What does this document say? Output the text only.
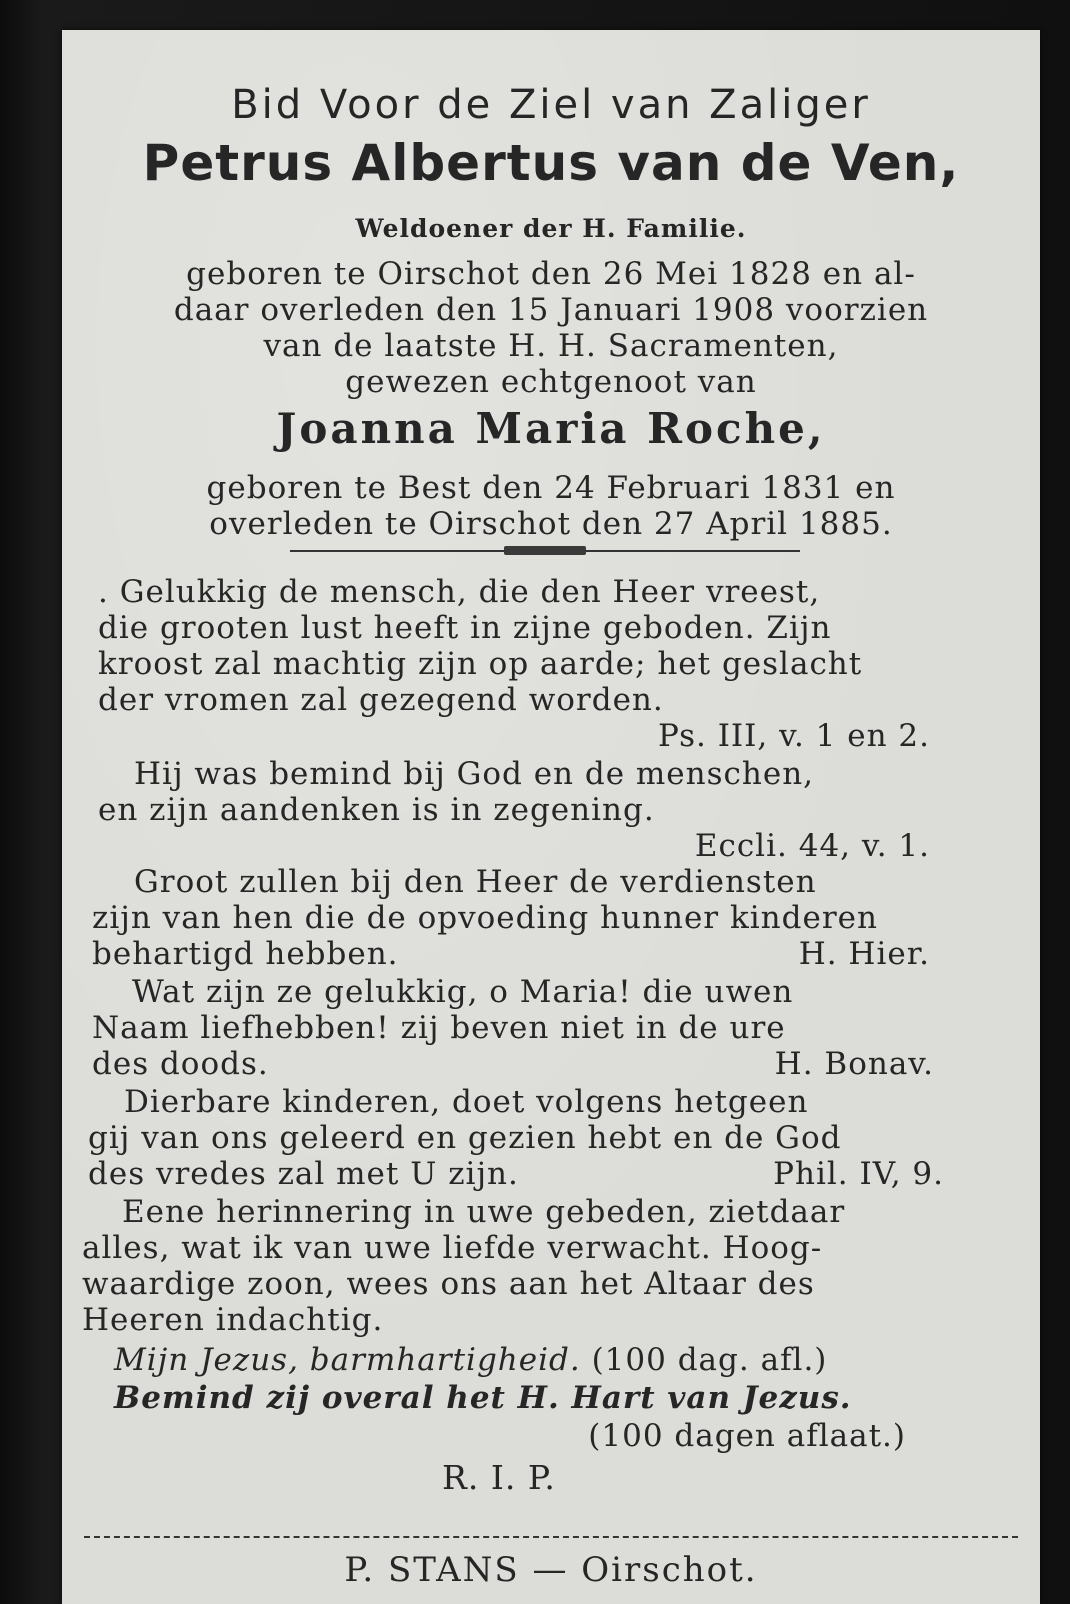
Bid Voor de Ziel van Zaliger
Petrus Albertus van de Ven,
Weldoener der H. Familie.
geboren te Oirschot den 26 Mei 1828 en al-
daar overleden den 15 Januari 1908 voorzien
van de laatste H. H. Sacramenten,
gewezen echtgenoot van
Joanna Maria Roche,
geboren te Best den 24 Februari 1831 en
overleden te Oirschot den 27 April 1885.
. Gelukkig de mensch, die den Heer vreest,
die grooten lust heeft in zijne geboden. Zijn
kroost zal machtig zijn op aarde; het geslacht
der vromen zal gezegend worden.
Ps. III, v. 1 en 2.
Hij was bemind bij God en de menschen,
en zijn aandenken is in zegening.
Eccli. 44, v. 1.
Groot zullen bij den Heer de verdiensten
zijn van hen die de opvoeding hunner kinderen
behartigd hebben.	H. Hier.
Wat zijn ze gelukkig, o Maria! die uwen
Naam liefhebben! zij beven niet in de ure
des doods.	H. Bonav.
Dierbare kinderen, doet volgens hetgeen
gij van ons geleerd en gezien hebt en de God
des vredes zal met U zijn.	Phil. IV, 9.
Eene herinnering in uwe gebeden, zietdaar
alles, wat ik van uwe liefde verwacht. Hoog-
waardige zoon, wees ons aan het Altaar des
Heeren indachtig.
Mijn Jezus, barmhartigheid. (100 dag. afl.)
Bemind zij overal het H. Hart van Jezus.
(100 dagen aflaat.)
R. I. P.
P. STANS — Oirschot.
